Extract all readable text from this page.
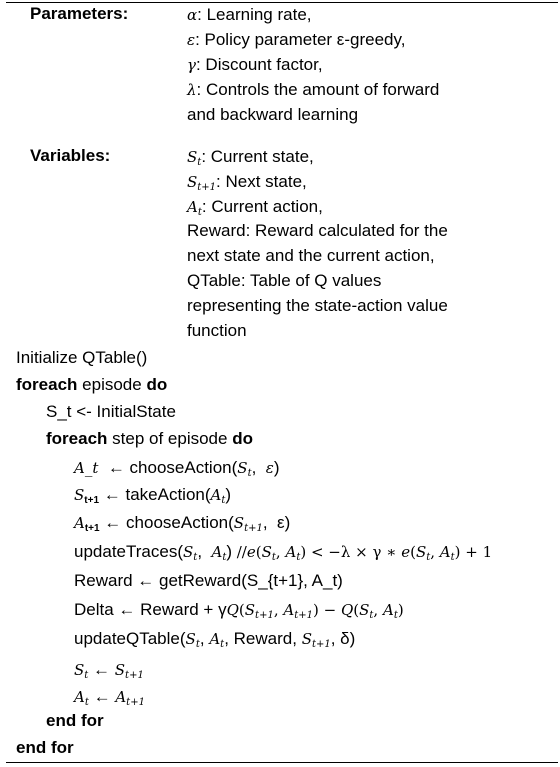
Parameters:	α: Learning rate,
ε: Policy parameter ε-greedy,
γ: Discount factor,
λ: Controls the amount of forward
and backward learning
Variables:	$S_t$: Current state,
$S_{t+1}$: Next state,
$A_t$: Current action,
Reward: Reward calculated for the
next state and the current action,
QTable: Table of Q values
representing the state-action value
function
Initialize QTable()
foreach episode do
S_t <- InitialState
foreach step of episode do
A_t  ← $chooseAction(S_t$,  ε)
$S_{t+1}$ ← $takeAction(A_t)$
$A_{t+1}$ ← $chooseAction(S_{t+1}$,  ε)
$updateTraces(S_t$,  $A_t$) $//e(S_t$, $A_t) < -\lambda \times \gamma$ ∗ $e(S_t$, $A_t) + 1$
Reward ← getReward(S_{t+1}, A_t)
Delta ← Reward + $\gamma Q(S_{t+1}$, $A_{t+1}) - Q(S_t$, $A_t$)
$updateQTable(S_t$, $A_t$, Reward, $S_{t+1}$, δ)
$S_t$ ← $S_{t+1}$
$A_t$ ← $A_{t+1}$
end for
end for
